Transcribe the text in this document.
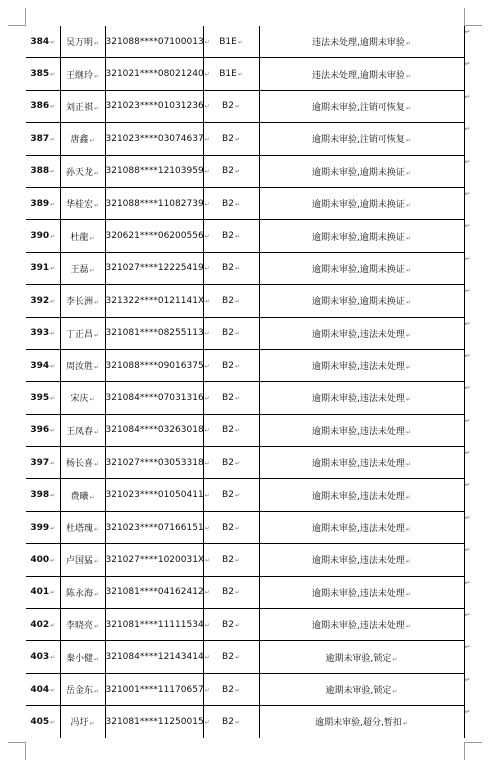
384↵	吴万明↵	321088****07100013↵	B1E↵	违法未处理,逾期未审验↵
↵

385↵	王继玲↵	321021****08021240↵	B1E↵	违法未处理,逾期未审验↵
↵

386↵	刘正祺↵	321023****01031236↵	B2↵	逾期未审验,注销可恢复↵
↵

387↵	唐鑫↵	321023****03074637↵	B2↵	逾期未审验,注销可恢复↵
↵

388↵	孙天龙↵	321088****12103959↵	B2↵	逾期未审验,逾期未换证↵
↵

389↵	华桂宏↵	321088****11082739↵	B2↵	逾期未审验,逾期未换证↵
↵

390↵	杜龍↵	320621****06200556↵	B2↵	逾期未审验,逾期未换证↵
↵

391↵	王磊↵	321027****12225419↵	B2↵	逾期未审验,逾期未换证↵
↵

392↵	李长洲↵	321322****0121141X↵	B2↵	逾期未审验,逾期未换证↵
↵

393↵	丁正昌↵	321081****08255113↵	B2↵	逾期未审验,违法未处理↵
↵

394↵	周汝胜↵	321088****09016375↵	B2↵	逾期未审验,违法未处理↵
↵

395↵	宋庆↵	321084****07031316↵	B2↵	逾期未审验,违法未处理↵
↵

396↵	王凤春↵	321084****03263018↵	B2↵	逾期未审验,违法未处理↵
↵

397↵	杨长喜↵	321027****03053318↵	B2↵	逾期未审验,违法未处理↵
↵

398↵	费曦↵	321023****01050411↵	B2↵	逾期未审验,违法未处理↵
↵

399↵	杜塔瑰↵	321023****07166151↵	B2↵	逾期未审验,违法未处理↵
↵

400↵	卢国猛↵	321027****1020031X↵	B2↵	逾期未审验,违法未处理↵
↵

401↵	陈永海↵	321081****04162412↵	B2↵	逾期未审验,违法未处理↵
↵

402↵	李晓亮↵	321081****11111534↵	B2↵	逾期未审验,违法未处理↵
↵

403↵	秦小健↵	321084****12143414↵	B2↵	逾期未审验,锁定↵
↵

404↵	岳金东↵	321001****11170657↵	B2↵	逾期未审验,锁定↵
↵

405↵	冯圩↵	321081****11250015↵	B2↵	逾期未审验,超分,暂扣↵
↵
